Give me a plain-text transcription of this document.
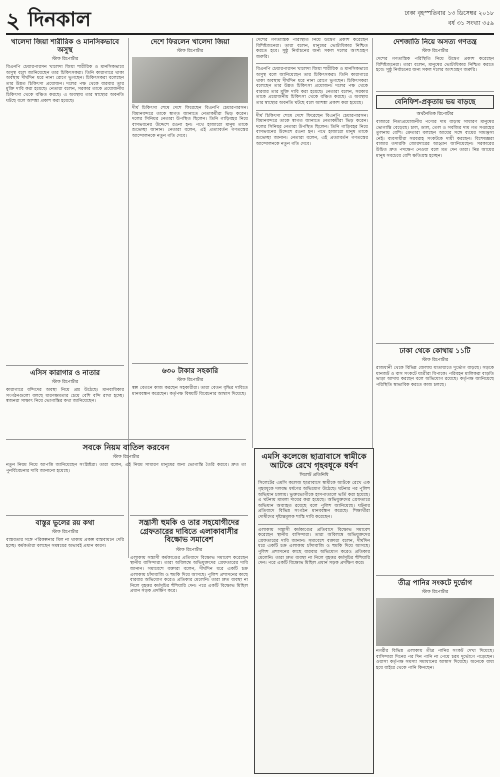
২ দিনকাল	ঢাকা বৃহস্পতিবার ১৩ ডিসেম্বর ২০১৮
বর্ষ ৩১ সংখ্যা ৩৫৯
খালেদা জিয়া শারীরিক ও মানসিকভাবে অসুস্থ
স্টাফ রিপোর্টার
বিএনপি চেয়ারপারসন খালেদা জিয়া শারীরিক ও মানসিকভাবে অসুস্থ বলে জানিয়েছেন তার চিকিৎসকরা। তিনি কারাগারে থাকা অবস্থায় দীর্ঘদিন ধরে নানা রোগে ভুগছেন। চিকিৎসকরা বলেছেন তার উন্নত চিকিৎসা প্রয়োজন। দলের পক্ষ থেকে বারবার তার মুক্তি দাবি করা হয়েছে। নেতারা বলেন, সরকার তাকে প্রয়োজনীয় চিকিৎসা থেকে বঞ্চিত করছে। এ অবস্থায় তার স্বাস্থ্যের অবনতি ঘটছে বলে আশঙ্কা প্রকাশ করা হয়েছে।
এসিস কারাগার ও নাতার
স্টাফ রিপোর্টার
কারাগারে বন্দিদের অবস্থা নিয়ে প্রশ্ন উঠেছে। মানবাধিকার সংগঠনগুলো বলছে ধারণক্ষমতার চেয়ে বেশি বন্দি রাখা হচ্ছে। স্বজনরা সাক্ষাৎ নিয়ে ভোগান্তির কথা জানিয়েছেন।
সবকে নিয়ম বাতিল করবেন
স্টাফ রিপোর্টার
নতুন নিয়ম নিয়ে আপত্তি জানিয়েছেন সংশ্লিষ্টরা। তারা বলেন, এই নিয়ম সাধারণ মানুষের জন্য ভোগান্তি তৈরি করবে। দ্রুত তা পুনর্বিবেচনার দাবি জানানো হয়েছে।
বাস্তুর ভুলের রয় কথা
স্টাফ রিপোর্টার
বাস্তবতার সঙ্গে পরিকল্পনার মিল না থাকায় প্রকল্প বাস্তবায়নে দেরি হচ্ছে। কর্মকর্তারা বলছেন সমন্বয়ের অভাবই প্রধান কারণ।
দেশে ফিরলেন খালেদা জিয়া
স্টাফ রিপোর্টার
দীর্ঘ চিকিৎসা শেষে দেশে ফিরেছেন বিএনপি চেয়ারপারসন। বিমানবন্দরে তাকে স্বাগত জানাতে নেতাকর্মীরা ভিড় করেন। দলের সিনিয়র নেতারা উপস্থিত ছিলেন। তিনি গাড়িবহর নিয়ে বাসভবনের উদ্দেশে রওনা হন। পথে হাজারো মানুষ তাকে শুভেচ্ছা জানান। নেতারা বলেন, এই প্রত্যাবর্তন গণতন্ত্রের আন্দোলনকে নতুন গতি দেবে।
৬৩০ টাকার সহকারি
স্টাফ রিপোর্টার
স্বল্প বেতনে কাজ করছেন সহকারীরা। তারা বেতন বৃদ্ধির দাবিতে মানববন্ধন করেছেন। কর্তৃপক্ষ বিষয়টি বিবেচনার আশ্বাস দিয়েছে।
দেশের গণতান্ত্রিক পরিস্থিতি নিয়ে উদ্বেগ প্রকাশ করেছেন বিশিষ্টজনেরা। তারা বলেন, মানুষের ভোটাধিকার নিশ্চিত করতে হবে। সুষ্ঠু নির্বাচনের জন্য সকল দলের অংশগ্রহণ জরুরি।
বিএনপি চেয়ারপারসন খালেদা জিয়া শারীরিক ও মানসিকভাবে অসুস্থ বলে জানিয়েছেন তার চিকিৎসকরা। তিনি কারাগারে থাকা অবস্থায় দীর্ঘদিন ধরে নানা রোগে ভুগছেন। চিকিৎসকরা বলেছেন তার উন্নত চিকিৎসা প্রয়োজন। দলের পক্ষ থেকে বারবার তার মুক্তি দাবি করা হয়েছে। নেতারা বলেন, সরকার তাকে প্রয়োজনীয় চিকিৎসা থেকে বঞ্চিত করছে। এ অবস্থায় তার স্বাস্থ্যের অবনতি ঘটছে বলে আশঙ্কা প্রকাশ করা হয়েছে।
দীর্ঘ চিকিৎসা শেষে দেশে ফিরেছেন বিএনপি চেয়ারপারসন। বিমানবন্দরে তাকে স্বাগত জানাতে নেতাকর্মীরা ভিড় করেন। দলের সিনিয়র নেতারা উপস্থিত ছিলেন। তিনি গাড়িবহর নিয়ে বাসভবনের উদ্দেশে রওনা হন। পথে হাজারো মানুষ তাকে শুভেচ্ছা জানান। নেতারা বলেন, এই প্রত্যাবর্তন গণতন্ত্রের আন্দোলনকে নতুন গতি দেবে।
দেশজাতি নিয়ে অসত্য গণতন্ত্র
স্টাফ রিপোর্টার
দেশের গণতান্ত্রিক পরিস্থিতি নিয়ে উদ্বেগ প্রকাশ করেছেন বিশিষ্টজনেরা। তারা বলেন, মানুষের ভোটাধিকার নিশ্চিত করতে হবে। সুষ্ঠু নির্বাচনের জন্য সকল দলের অংশগ্রহণ জরুরি।
বেনিফিশ-প্রকৃতায় ভয় বাড়ছে
অর্থনৈতিক রিপোর্টার
বাজারে নিত্যপ্রয়োজনীয় পণ্যের দাম বাড়ায় সাধারণ মানুষের ভোগান্তি বেড়েছে। চাল, ডাল, তেল ও সবজির দাম গত সপ্তাহের তুলনায় বেশি। ক্রেতারা বলছেন আয়ের সঙ্গে ব্যয়ের সামঞ্জস্য নেই। ব্যবসায়ীরা সরবরাহ সংকটকে দায়ী করছেন। বিশেষজ্ঞরা বাজার তদারকি জোরদারের আহ্বান জানিয়েছেন। সরকারের উচিত দ্রুত পদক্ষেপ নেওয়া বলে মত দেন তারা। নিম্ন আয়ের মানুষ সবচেয়ে বেশি ক্ষতিগ্রস্ত হচ্ছেন।
ঢাকা থেকে কোথায় ১১টি
স্টাফ রিপোর্টার
রাজধানী থেকে বিভিন্ন জেলায় যাতায়াতে দুর্ভোগ বাড়ছে। সড়কে যানজট ও বাস সংকটে যাত্রীরা বিপাকে। পরিবহন মালিকরা বাড়তি ভাড়া আদায় করছেন বলে অভিযোগ রয়েছে। কর্তৃপক্ষ জানিয়েছে পরিস্থিতি স্বাভাবিক করতে কাজ চলছে।
তীব্র পানির সংকটে দুর্ভোগ
স্টাফ রিপোর্টার
নগরীর বিভিন্ন এলাকায় তীব্র পানির সংকট দেখা দিয়েছে। বাসিন্দারা দিনের পর দিন পানি না পেয়ে চরম দুর্ভোগে পড়েছেন। ওয়াসা কর্তৃপক্ষ সমস্যা সমাধানের আশ্বাস দিয়েছে। অনেকে বাধ্য হয়ে বাইরে থেকে পানি কিনছেন।
সন্ত্রাসী হুমকি ও তার সহযোগীদের গ্রেফতারের দাবিতে এলাকাবাসীর বিক্ষোভ সমাবেশ
স্টাফ রিপোর্টার
এলাকায় সন্ত্রাসী কর্মকাণ্ডের প্রতিবাদে বিক্ষোভ সমাবেশ করেছেন স্থানীয় বাসিন্দারা। তারা অবিলম্বে অভিযুক্তদের গ্রেফতারের দাবি জানান। সমাবেশে বক্তারা বলেন, দীর্ঘদিন ধরে একটি চক্র এলাকায় চাঁদাবাজি ও হুমকি দিয়ে আসছে। পুলিশ প্রশাসনের কাছে বারবার অভিযোগ করেও প্রতিকার মেলেনি। তারা দ্রুত ব্যবস্থা না নিলে বৃহত্তর কর্মসূচির হুঁশিয়ারি দেন। পরে একটি বিক্ষোভ মিছিল প্রধান সড়ক প্রদক্ষিণ করে।
এমসি কলেজে ছাত্রাবাসে স্বামীকে আটকে রেখে গৃহবধূকে ধর্ষণ
সিলেট প্রতিনিধি
সিলেটের এমসি কলেজ ছাত্রাবাসে স্বামীকে আটকে রেখে এক গৃহবধূকে দলবদ্ধ ধর্ষণের অভিযোগ উঠেছে। ঘটনার পর পুলিশ অভিযান চালায়। ভুক্তভোগীকে হাসপাতালে ভর্তি করা হয়েছে। এ ঘটনায় মামলা দায়ের করা হয়েছে। অভিযুক্তদের গ্রেফতারে অভিযান অব্যাহত রয়েছে বলে পুলিশ জানিয়েছে। ঘটনার প্রতিবাদে বিভিন্ন সংগঠন মানববন্ধন করেছে। শিক্ষার্থীরা দোষীদের দৃষ্টান্তমূলক শাস্তি দাবি করেছেন।
এলাকায় সন্ত্রাসী কর্মকাণ্ডের প্রতিবাদে বিক্ষোভ সমাবেশ করেছেন স্থানীয় বাসিন্দারা। তারা অবিলম্বে অভিযুক্তদের গ্রেফতারের দাবি জানান। সমাবেশে বক্তারা বলেন, দীর্ঘদিন ধরে একটি চক্র এলাকায় চাঁদাবাজি ও হুমকি দিয়ে আসছে। পুলিশ প্রশাসনের কাছে বারবার অভিযোগ করেও প্রতিকার মেলেনি। তারা দ্রুত ব্যবস্থা না নিলে বৃহত্তর কর্মসূচির হুঁশিয়ারি দেন। পরে একটি বিক্ষোভ মিছিল প্রধান সড়ক প্রদক্ষিণ করে।
